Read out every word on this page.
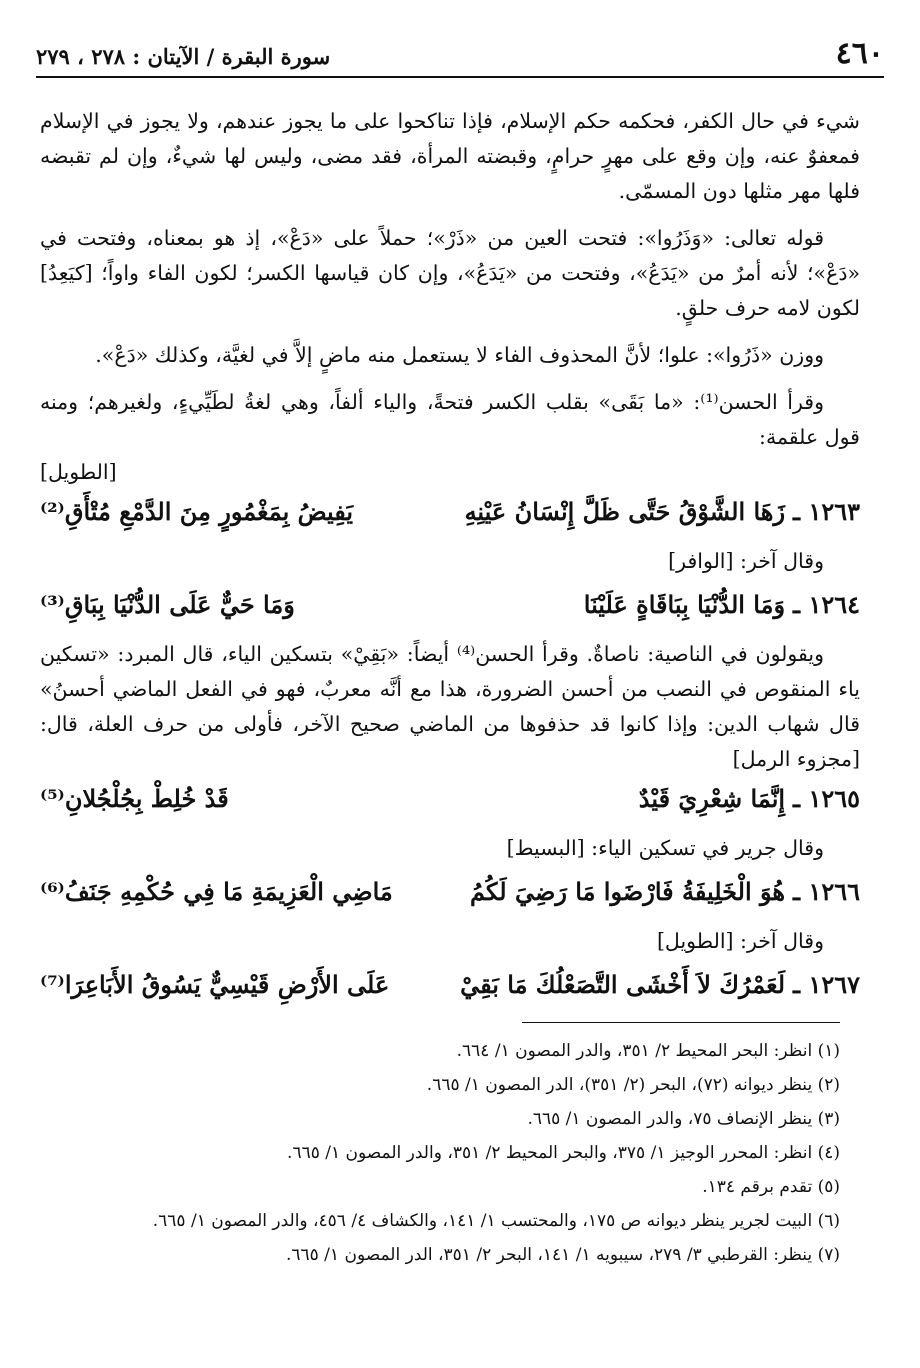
٤٦٠
سورة البقرة / الآيتان : ٢٧٨ ، ٢٧٩

شيء في حال الكفر، فحكمه حكم الإسلام، فإذا تناكحوا على ما يجوز عندهم، ولا يجوز في الإسلام فمعفوٌ عنه، وإن وقع على مهرٍ حرامٍ، وقبضته المرأة، فقد مضى، وليس لها شيءٌ، وإن لم تقبضه فلها مهر مثلها دون المسمّى.

قوله تعالى: «وَذَرُوا»: فتحت العين من «ذَرْ»؛ حملاً على «دَعْ»، إذ هو بمعناه، وفتحت في «دَعْ»؛ لأنه أمرٌ من «يَدَعُ»، وفتحت من «يَدَعُ»، وإن كان قياسها الكسر؛ لكون الفاء واواً؛ [كيَعِدُ] لكون لامه حرف حلقٍ.

ووزن «ذَرُوا»: علوا؛ لأنَّ المحذوف الفاء لا يستعمل منه ماضٍ إلاَّ في لغيَّة، وكذلك «دَعْ».

وقرأ الحسن⁽¹⁾: «ما بَقَى» بقلب الكسر فتحةً، والياء ألفاً، وهي لغةُ لطَيِّيءٍ، ولغيرهم؛ ومنه قول علقمة:
[الطويل]

١٢٦٣ ـ
زَهَا الشَّوْقُ حَتَّى ظَلَّ إِنْسَانُ عَيْنِهِ
يَفِيضُ بِمَغْمُورٍ مِنَ الدَّمْعِ مُتْأَقِ⁽²⁾

وقال آخر: [الوافر]

١٢٦٤ ـ
وَمَا الدُّنْيَا بِبَاقَاةٍ عَلَيْنَا
وَمَا حَيٌّ عَلَى الدُّنْيَا بِبَاقِ⁽³⁾

ويقولون في الناصية: ناصاةٌ. وقرأ الحسن⁽⁴⁾ أيضاً: «بَقِيْ» بتسكين الياء، قال المبرد: «تسكين ياء المنقوص في النصب من أحسن الضرورة، هذا مع أنَّه معربٌ، فهو في الفعل الماضي أحسنُ» قال شهاب الدين: وإذا كانوا قد حذفوها من الماضي صحيح الآخر، فأولى من حرف العلة، قال: [مجزوء الرمل]

١٢٦٥ ـ
إِنَّمَا شِعْرِيَ قَيْدٌ
قَدْ خُلِطْ بِجُلْجُلانِ⁽⁵⁾

وقال جرير في تسكين الياء: [البسيط]

١٢٦٦ ـ
هُوَ الْخَلِيفَةُ فَارْضَوا مَا رَضِيَ لَكُمُ
مَاضِي الْعَزِيمَةِ مَا فِي حُكْمِهِ جَنَفُ⁽⁶⁾

وقال آخر: [الطويل]

١٢٦٧ ـ
لَعَمْرُكَ لاَ أَخْشَى التَّصَعْلُكَ مَا بَقِيْ
عَلَى الأَرْضِ قَيْسِيٌّ يَسُوقُ الأَبَاعِرَا⁽⁷⁾

(١) انظر: البحر المحيط ٢/ ٣٥١، والدر المصون ١/ ٦٦٤.

(٢) ينظر ديوانه (٧٢)، البحر (٢/ ٣٥١)، الدر المصون ١/ ٦٦٥.

(٣) ينظر الإنصاف ٧٥، والدر المصون ١/ ٦٦٥.

(٤) انظر: المحرر الوجيز ١/ ٣٧٥، والبحر المحيط ٢/ ٣٥١، والدر المصون ١/ ٦٦٥.

(٥) تقدم برقم ١٣٤.

(٦) البيت لجرير ينظر ديوانه ص ١٧٥، والمحتسب ١/ ١٤١، والكشاف ٤/ ٤٥٦، والدر المصون ١/ ٦٦٥.

(٧) ينظر: القرطبي ٣/ ٢٧٩، سيبويه ١/ ١٤١، البحر ٢/ ٣٥١، الدر المصون ١/ ٦٦٥.
